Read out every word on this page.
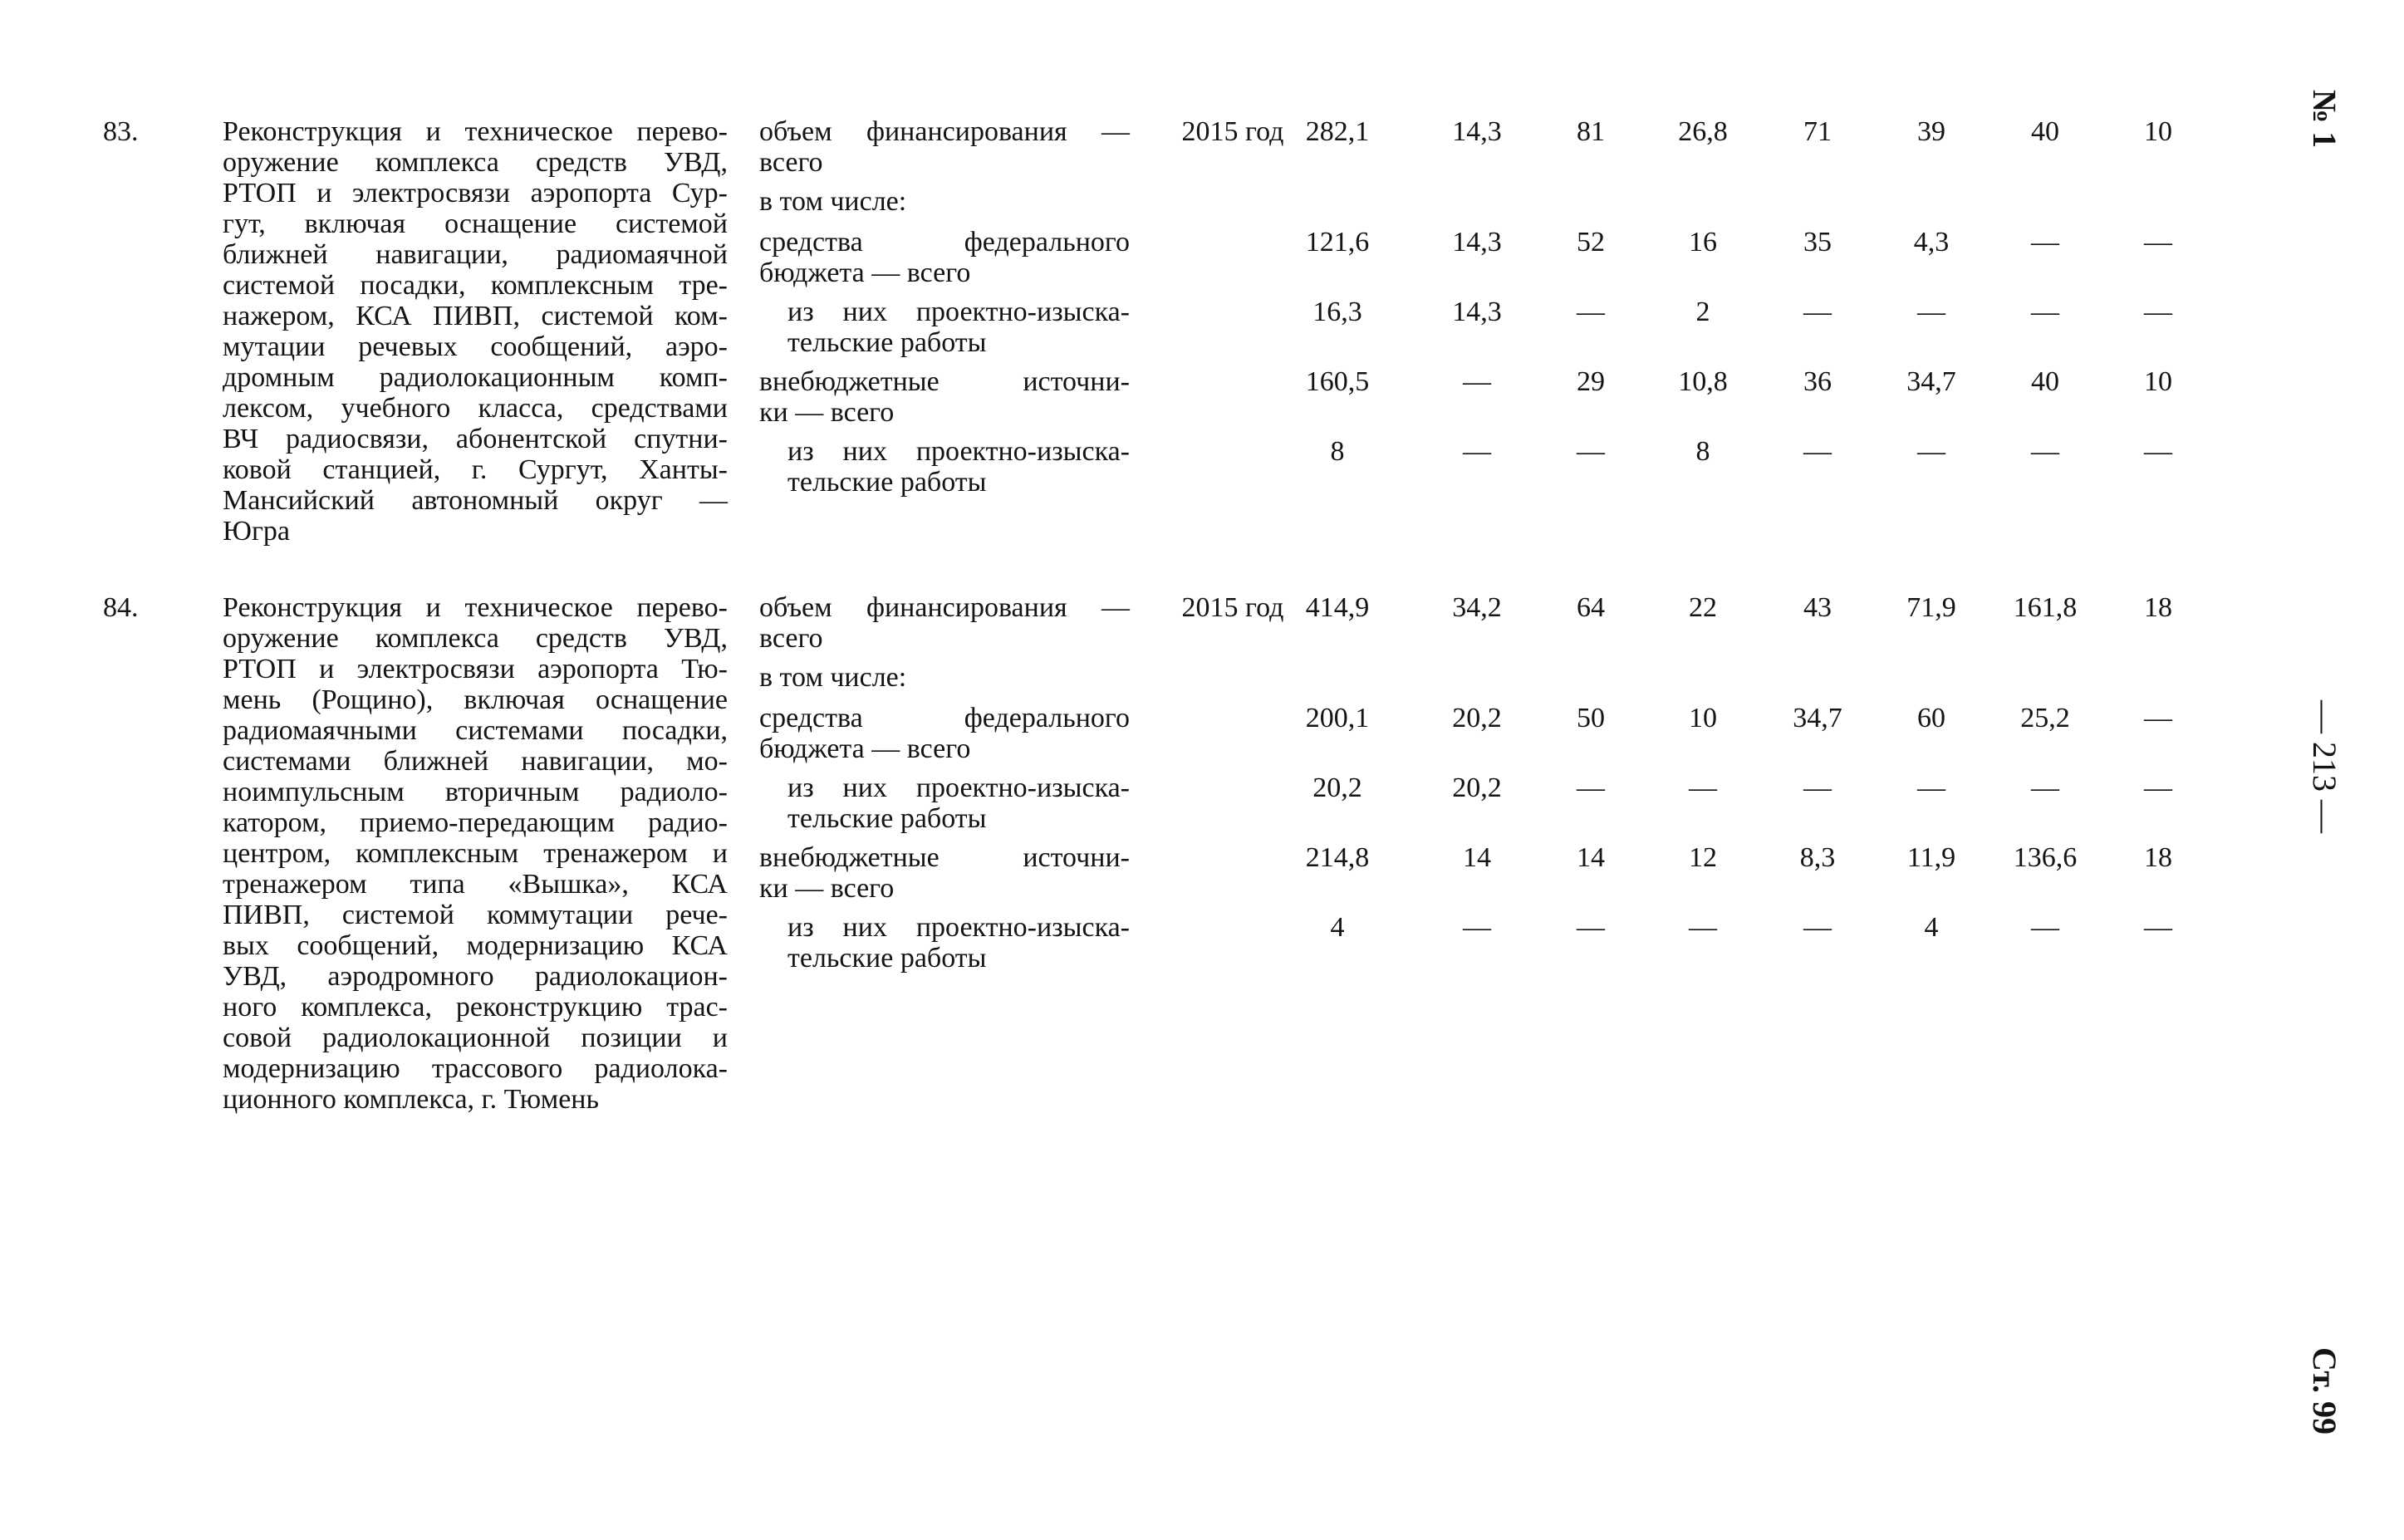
83.	Реконструкция и техническое перево-
оружение комплекса средств УВД,
РТОП и электросвязи аэропорта Сур-
гут, включая оснащение системой
ближней навигации, радиомаячной
системой посадки, комплексным тре-
нажером, КСА ПИВП, системой ком-
мутации речевых сообщений, аэро-
дромным радиолокационным комп-
лексом, учебного класса, средствами
ВЧ радиосвязи, абонентской спутни-
ковой станцией, г. Сургут, Ханты-
Мансийский автономный округ —
Югра
объем финансирования —
всего
2015 год 282,1	14,3	81	26,8	71	39	40	10
в том числе:
средства федерального
бюджета — всего
121,6	14,3	52	16	35	4,3	—	—
из них проектно-изыска-
тельские работы
16,3	14,3	—	2	—	—	—	—
внебюджетные источни-
ки — всего
160,5	—	29	10,8	36	34,7	40	10
из них проектно-изыска-
тельские работы
8	—	—	8	—	—	—	—
84.	Реконструкция и техническое перево-
оружение комплекса средств УВД,
РТОП и электросвязи аэропорта Тю-
мень (Рощино), включая оснащение
радиомаячными системами посадки,
системами ближней навигации, мо-
ноимпульсным вторичным радиоло-
катором, приемо-передающим радио-
центром, комплексным тренажером и
тренажером типа «Вышка», КСА
ПИВП, системой коммутации рече-
вых сообщений, модернизацию КСА
УВД, аэродромного радиолокацион-
ного комплекса, реконструкцию трас-
совой радиолокационной позиции и
модернизацию трассового радиолока-
ционного комплекса, г. Тюмень
объем финансирования —
всего
2015 год 414,9	34,2	64	22	43	71,9	161,8	18
в том числе:
средства федерального
бюджета — всего
200,1	20,2	50	10	34,7	60	25,2	—
из них проектно-изыска-
тельские работы
20,2	20,2	—	—	—	—	—	—
внебюджетные источни-
ки — всего
214,8	14	14	12	8,3	11,9	136,6	18
из них проектно-изыска-
тельские работы
4	—	—	—	—	4	—	—
№ 1
— 213 —
Ст. 99
